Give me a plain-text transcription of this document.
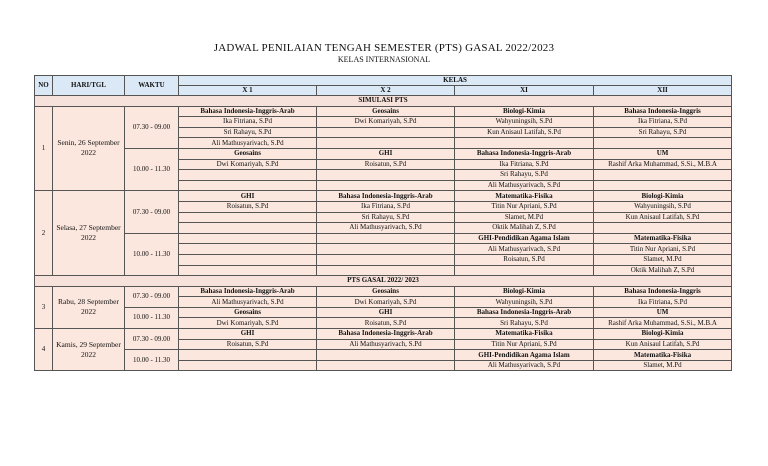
JADWAL PENILAIAN TENGAH SEMESTER (PTS) GASAL 2022/2023
KELAS INTERNASIONAL
NO	HARI/TGL	WAKTU	KELAS			
			X 1	X 2	XI	XII
SIMULASI PTS						
1	Senin, 26 September 2022	07.30 - 09.00	Bahasa Indonesia-Inggris-Arab	Geosains	Biologi-Kimia	Bahasa Indonesia-Inggris
			Ika Fitriana, S.Pd	Dwi Komariyah, S.Pd	Wahyuningsih, S.Pd	Ika Fitriana, S.Pd
			Sri Rahayu, S.Pd		Kun Anisaul Latifah, S.Pd	Sri Rahayu, S.Pd
			Ali Mathusyarivach, S.Pd			
		10.00 - 11.30	Geosains	GHI	Bahasa Indonesia-Inggris-Arab	UM
			Dwi Komariyah, S.Pd	Roisatun, S.Pd	Ika Fitriana, S.Pd	Rashif Arka Muhammad, S.Si., M.B.A
					Sri Rahayu, S.Pd	
					Ali Mathusyarivach, S.Pd	
2	Selasa, 27 September 2022	07.30 - 09.00	GHI	Bahasa Indonesia-Inggris-Arab	Matematika-Fisika	Biologi-Kimia
			Roisatun, S.Pd	Ika Fitriana, S.Pd	Titin Nur Apriani, S.Pd	Wahyuningsih, S.Pd
				Sri Rahayu, S.Pd	Slamet, M.Pd	Kun Anisaul Latifah, S.Pd
				Ali Mathusyarivach, S.Pd	Oktik Malihah Z, S.Pd	
		10.00 - 11.30			GHI-Pendidikan Agama Islam	Matematika-Fisika
					Ali Mathusyarivach, S.Pd	Titin Nur Apriani, S.Pd
					Roisatun, S.Pd	Slamet, M.Pd
						Oktik Malihah Z, S.Pd
PTS GASAL 2022/ 2023						
3	Rabu, 28 September 2022	07.30 - 09.00	Bahasa Indonesia-Inggris-Arab	Geosains	Biologi-Kimia	Bahasa Indonesia-Inggris
			Ali Mathusyarivach, S.Pd	Dwi Komariyah, S.Pd	Wahyuningsih, S.Pd	Ika Fitriana, S.Pd
		10.00 - 11.30	Geosains	GHI	Bahasa Indonesia-Inggris-Arab	UM
			Dwi Komariyah, S.Pd	Roisatun, S.Pd	Sri Rahayu, S.Pd	Rashif Arka Muhammad, S.Si., M.B.A
4	Kamis, 29 September 2022	07.30 - 09.00	GHI	Bahasa Indonesia-Inggris-Arab	Matematika-Fisika	Biologi-Kimia
			Roisatun, S.Pd	Ali Mathusyarivach, S.Pd	Titin Nur Apriani, S.Pd	Kun Anisaul Latifah, S.Pd
		10.00 - 11.30			GHI-Pendidikan Agama Islam	Matematika-Fisika
					Ali Mathusyarivach, S.Pd	Slamet, M.Pd
